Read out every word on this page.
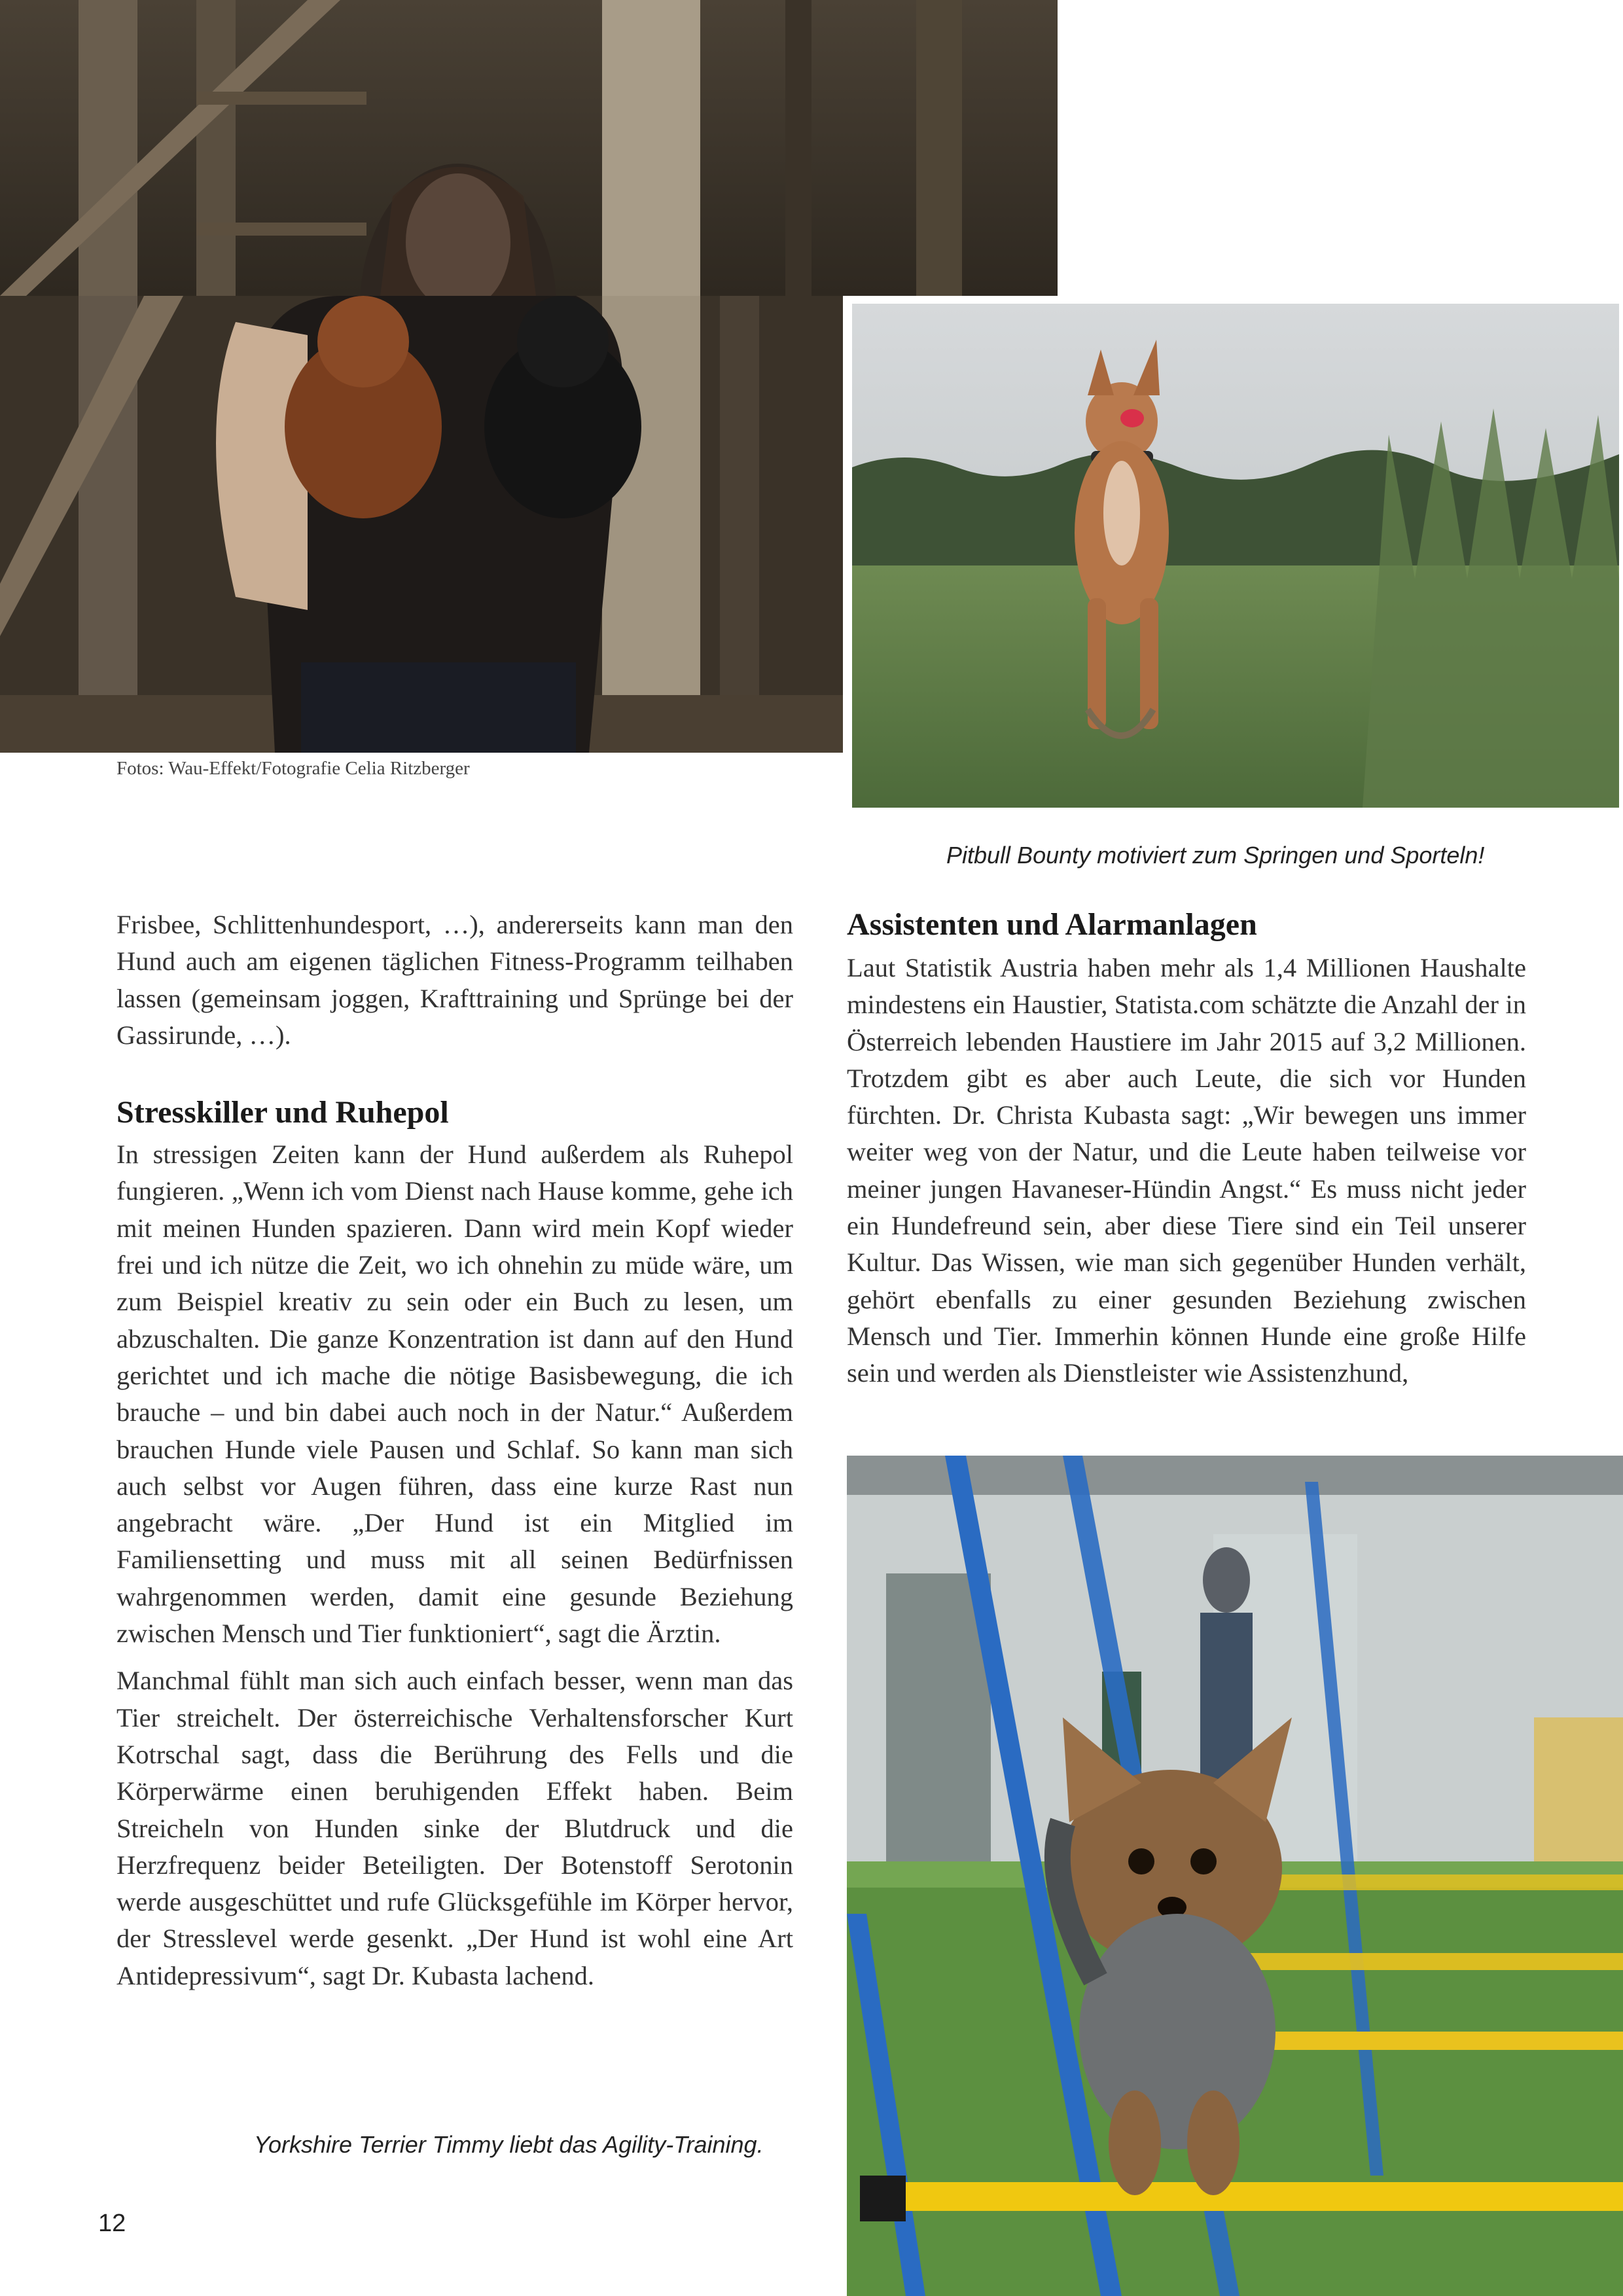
Fotos: Wau-Effekt/Fotografie Celia Ritzberger
Pitbull Bounty motiviert zum Springen und Sporteln!

Frisbee, Schlittenhundesport, …), andererseits kann man den Hund auch am eigenen täglichen Fitness-Programm teilhaben lassen (gemeinsam joggen, Krafttraining und Sprünge bei der Gassirunde, …).

Stresskiller und Ruhepol

In stressigen Zeiten kann der Hund außerdem als Ruhepol fungieren. „Wenn ich vom Dienst nach Hause komme, gehe ich mit meinen Hunden spazieren. Dann wird mein Kopf wieder frei und ich nütze die Zeit, wo ich ohnehin zu müde wäre, um zum Beispiel kreativ zu sein oder ein Buch zu lesen, um abzuschalten. Die ganze Konzentration ist dann auf den Hund gerichtet und ich mache die nötige Basisbewegung, die ich brauche – und bin dabei auch noch in der Natur.“ Außerdem brauchen Hunde viele Pausen und Schlaf. So kann man sich auch selbst vor Augen führen, dass eine kurze Rast nun angebracht wäre. „Der Hund ist ein Mitglied im Familiensetting und muss mit all seinen Bedürfnissen wahrgenommen werden, damit eine gesunde Beziehung zwischen Mensch und Tier funktioniert“, sagt die Ärztin.

Manchmal fühlt man sich auch einfach besser, wenn man das Tier streichelt. Der österreichische Verhaltensforscher Kurt Kotrschal sagt, dass die Berührung des Fells und die Körperwärme einen beruhigenden Effekt haben. Beim Streicheln von Hunden sinke der Blutdruck und die Herzfrequenz beider Beteiligten. Der Botenstoff Serotonin werde ausgeschüttet und rufe Glücksgefühle im Körper hervor, der Stresslevel werde gesenkt. „Der Hund ist wohl eine Art Antidepressivum“, sagt Dr. Kubasta lachend.

Assistenten und Alarmanlagen

Laut Statistik Austria haben mehr als 1,4 Millionen Haushalte mindestens ein Haustier, Statista.com schätzte die Anzahl der in Österreich lebenden Haustiere im Jahr 2015 auf 3,2 Millionen. Trotzdem gibt es aber auch Leute, die sich vor Hunden fürchten. Dr. Christa Kubasta sagt: „Wir bewegen uns immer weiter weg von der Natur, und die Leute haben teilweise vor meiner jungen Havaneser-Hündin Angst.“ Es muss nicht jeder ein Hundefreund sein, aber diese Tiere sind ein Teil unserer Kultur. Das Wissen, wie man sich gegenüber Hunden verhält, gehört ebenfalls zu einer gesunden Beziehung zwischen Mensch und Tier. Immerhin können Hunde eine große Hilfe sein und werden als Dienstleister wie Assistenzhund,

Yorkshire Terrier Timmy liebt das Agility-Training.
12
